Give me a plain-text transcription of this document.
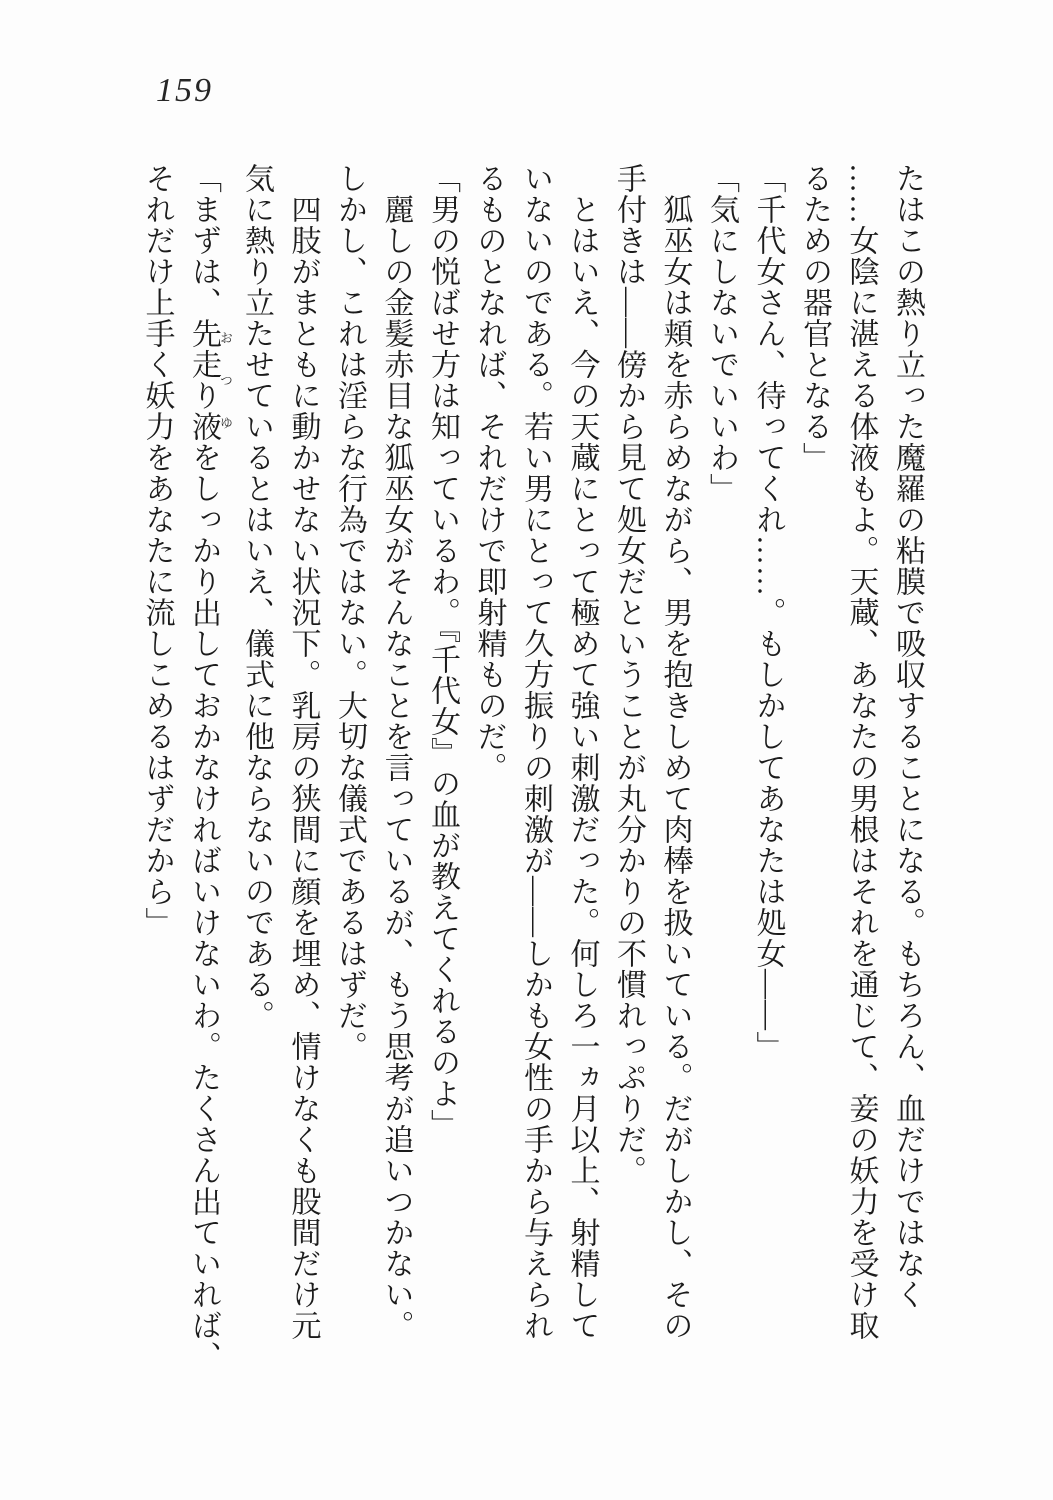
159
たはこの熱り立った魔羅の粘膜で吸収することになる。もちろん、血だけではなく
……女陰に湛える体液もよ。天蔵、あなたの男根はそれを通じて、妾の妖力を受け取
るための器官となる」
「千代女さん、待ってくれ……。もしかしてあなたは処女――」
「気にしないでいいわ」
狐巫女は頬を赤らめながら、男を抱きしめて肉棒を扱いている。だがしかし、その
手付きは――傍から見て処女だということが丸分かりの不慣れっぷりだ。
とはいえ、今の天蔵にとって極めて強い刺激だった。何しろ一ヵ月以上、射精して
いないのである。若い男にとって久方振りの刺激が――しかも女性の手から与えられ
るものとなれば、それだけで即射精ものだ。
「男の悦ばせ方は知っているわ。『千代女』の血が教えてくれるのよ」
麗しの金髪赤目な狐巫女がそんなことを言っているが、もう思考が追いつかない。
しかし、これは淫らな行為ではない。大切な儀式であるはずだ。
四肢がまともに動かせない状況下。乳房の狭間に顔を埋め、情けなくも股間だけ元
気に熱り立たせているとはいえ、儀式に他ならないのである。
「まずは、先走り液おつゆをしっかり出しておかなければいけないわ。たくさん出ていれば、
それだけ上手く妖力をあなたに流しこめるはずだから」
